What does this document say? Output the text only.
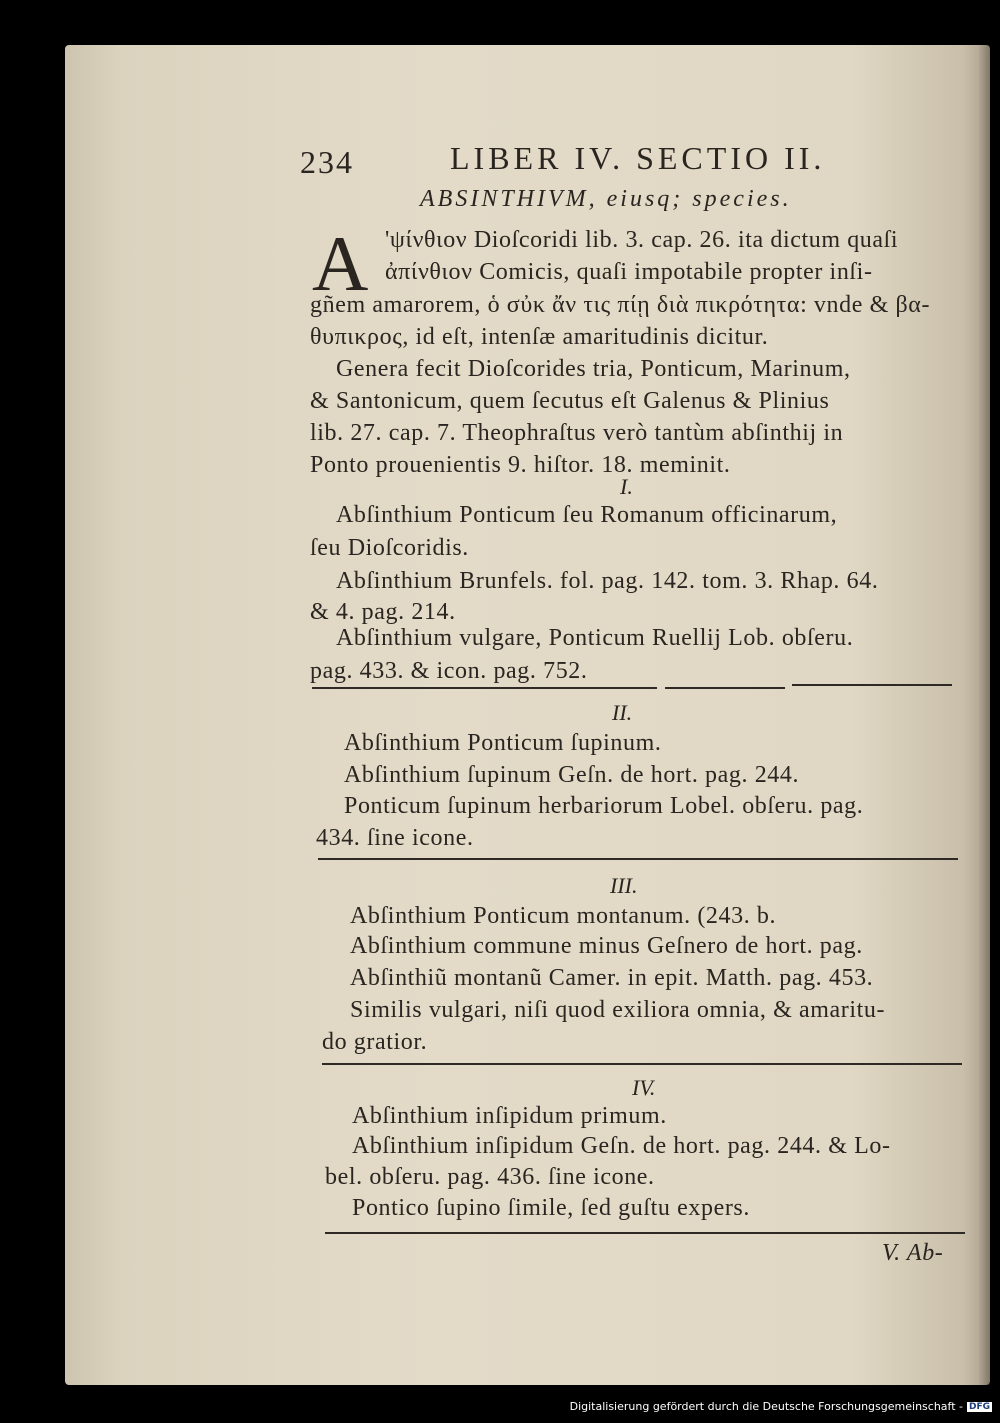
234	LIBER IV. SECTIO II.
ABSINTHIVM, eiusq; species.
A 'ψίνθιον Dioſcoridi lib. 3. cap. 26. ita dictum quaſi
ἀπίνθιον Comicis, quaſi impotabile propter inſi-
gñem amarorem, ὁ σὐκ ἄν τις πίῃ διὰ πικρότητα: vnde & βα-
θυπικρος, id eſt, intenſæ amaritudinis dicitur.
Genera fecit Dioſcorides tria, Ponticum, Marinum,
& Santonicum, quem ſecutus eſt Galenus & Plinius
lib. 27. cap. 7. Theophraſtus verò tantùm abſinthij in
Ponto prouenientis 9. hiſtor. 18. meminit.
I.
Abſinthium Ponticum ſeu Romanum officinarum,
ſeu Dioſcoridis.
Abſinthium Brunfels. fol. pag. 142. tom. 3. Rhap. 64.
& 4. pag. 214.
Abſinthium vulgare, Ponticum Ruellij Lob. obſeru.
pag. 433. & icon. pag. 752.
II.
Abſinthium Ponticum ſupinum.
Abſinthium ſupinum Geſn. de hort. pag. 244.
Ponticum ſupinum herbariorum Lobel. obſeru. pag.
434. ſine icone.
III.
Abſinthium Ponticum montanum. (243. b.
Abſinthium commune minus Geſnero de hort. pag.
Abſinthiũ montanũ Camer. in epit. Matth. pag. 453.
Similis vulgari, niſi quod exiliora omnia, & amaritu-
do gratior.
IV.
Abſinthium inſipidum primum.
Abſinthium inſipidum Geſn. de hort. pag. 244. & Lo-
bel. obſeru. pag. 436. ſine icone.
Pontico ſupino ſimile, ſed guſtu expers.
V. Ab-
Digitalisierung gefördert durch die Deutsche Forschungsgemeinschaft - DFG
